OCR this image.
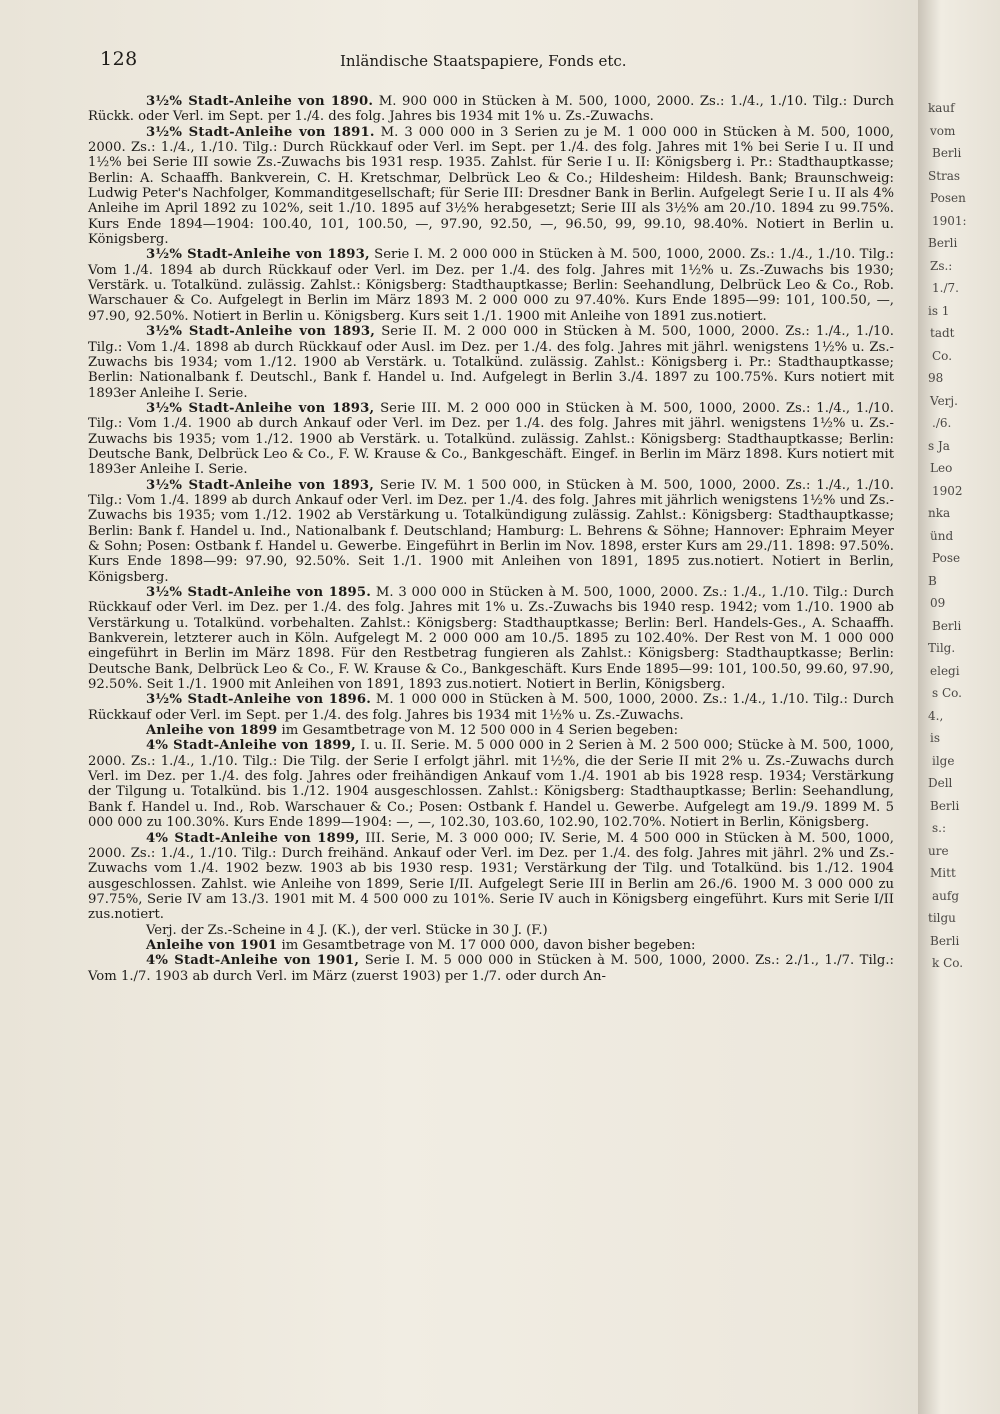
128	Inländische Staatspapiere, Fonds etc.

3½% Stadt-Anleihe von 1890. M. 900 000 in Stücken à M. 500, 1000, 2000. Zs.: 1./4., 1./10. Tilg.: Durch Rückk. oder Verl. im Sept. per 1./4. des folg. Jahres bis 1934 mit 1% u. Zs.-Zuwachs.

3½% Stadt-Anleihe von 1891. M. 3 000 000 in 3 Serien zu je M. 1 000 000 in Stücken à M. 500, 1000, 2000. Zs.: 1./4., 1./10. Tilg.: Durch Rückkauf oder Verl. im Sept. per 1./4. des folg. Jahres mit 1% bei Serie I u. II und 1½% bei Serie III sowie Zs.-Zuwachs bis 1931 resp. 1935. Zahlst. für Serie I u. II: Königsberg i. Pr.: Stadthauptkasse; Berlin: A. Schaaffh. Bankverein, C. H. Kretschmar, Delbrück Leo & Co.; Hildesheim: Hildesh. Bank; Braunschweig: Ludwig Peter's Nachfolger, Kommanditgesellschaft; für Serie III: Dresdner Bank in Berlin. Aufgelegt Serie I u. II als 4% Anleihe im April 1892 zu 102%, seit 1./10. 1895 auf 3½% herabgesetzt; Serie III als 3½% am 20./10. 1894 zu 99.75%. Kurs Ende 1894—1904: 100.40, 101, 100.50, —, 97.90, 92.50, —, 96.50, 99, 99.10, 98.40%. Notiert in Berlin u. Königsberg.

3½% Stadt-Anleihe von 1893, Serie I. M. 2 000 000 in Stücken à M. 500, 1000, 2000. Zs.: 1./4., 1./10. Tilg.: Vom 1./4. 1894 ab durch Rückkauf oder Verl. im Dez. per 1./4. des folg. Jahres mit 1½% u. Zs.-Zuwachs bis 1930; Verstärk. u. Totalkünd. zulässig. Zahlst.: Königsberg: Stadthauptkasse; Berlin: Seehandlung, Delbrück Leo & Co., Rob. Warschauer & Co. Aufgelegt in Berlin im März 1893 M. 2 000 000 zu 97.40%. Kurs Ende 1895—99: 101, 100.50, —, 97.90, 92.50%. Notiert in Berlin u. Königsberg. Kurs seit 1./1. 1900 mit Anleihe von 1891 zus.notiert.

3½% Stadt-Anleihe von 1893, Serie II. M. 2 000 000 in Stücken à M. 500, 1000, 2000. Zs.: 1./4., 1./10. Tilg.: Vom 1./4. 1898 ab durch Rückkauf oder Ausl. im Dez. per 1./4. des folg. Jahres mit jährl. wenigstens 1½% u. Zs.-Zuwachs bis 1934; vom 1./12. 1900 ab Verstärk. u. Totalkünd. zulässig. Zahlst.: Königsberg i. Pr.: Stadthauptkasse; Berlin: Nationalbank f. Deutschl., Bank f. Handel u. Ind. Aufgelegt in Berlin 3./4. 1897 zu 100.75%. Kurs notiert mit 1893er Anleihe I. Serie.

3½% Stadt-Anleihe von 1893, Serie III. M. 2 000 000 in Stücken à M. 500, 1000, 2000. Zs.: 1./4., 1./10. Tilg.: Vom 1./4. 1900 ab durch Ankauf oder Verl. im Dez. per 1./4. des folg. Jahres mit jährl. wenigstens 1½% u. Zs.-Zuwachs bis 1935; vom 1./12. 1900 ab Verstärk. u. Totalkünd. zulässig. Zahlst.: Königsberg: Stadthauptkasse; Berlin: Deutsche Bank, Delbrück Leo & Co., F. W. Krause & Co., Bankgeschäft. Eingef. in Berlin im März 1898. Kurs notiert mit 1893er Anleihe I. Serie.

3½% Stadt-Anleihe von 1893, Serie IV. M. 1 500 000, in Stücken à M. 500, 1000, 2000. Zs.: 1./4., 1./10. Tilg.: Vom 1./4. 1899 ab durch Ankauf oder Verl. im Dez. per 1./4. des folg. Jahres mit jährlich wenigstens 1½% und Zs.-Zuwachs bis 1935; vom 1./12. 1902 ab Verstärkung u. Totalkündigung zulässig. Zahlst.: Königsberg: Stadthauptkasse; Berlin: Bank f. Handel u. Ind., Nationalbank f. Deutschland; Hamburg: L. Behrens & Söhne; Hannover: Ephraim Meyer & Sohn; Posen: Ostbank f. Handel u. Gewerbe. Eingeführt in Berlin im Nov. 1898, erster Kurs am 29./11. 1898: 97.50%. Kurs Ende 1898—99: 97.90, 92.50%. Seit 1./1. 1900 mit Anleihen von 1891, 1895 zus.notiert. Notiert in Berlin, Königsberg.

3½% Stadt-Anleihe von 1895. M. 3 000 000 in Stücken à M. 500, 1000, 2000. Zs.: 1./4., 1./10. Tilg.: Durch Rückkauf oder Verl. im Dez. per 1./4. des folg. Jahres mit 1% u. Zs.-Zuwachs bis 1940 resp. 1942; vom 1./10. 1900 ab Verstärkung u. Totalkünd. vorbehalten. Zahlst.: Königsberg: Stadthauptkasse; Berlin: Berl. Handels-Ges., A. Schaaffh. Bankverein, letzterer auch in Köln. Aufgelegt M. 2 000 000 am 10./5. 1895 zu 102.40%. Der Rest von M. 1 000 000 eingeführt in Berlin im März 1898. Für den Restbetrag fungieren als Zahlst.: Königsberg: Stadthauptkasse; Berlin: Deutsche Bank, Delbrück Leo & Co., F. W. Krause & Co., Bankgeschäft. Kurs Ende 1895—99: 101, 100.50, 99.60, 97.90, 92.50%. Seit 1./1. 1900 mit Anleihen von 1891, 1893 zus.notiert. Notiert in Berlin, Königsberg.

3½% Stadt-Anleihe von 1896. M. 1 000 000 in Stücken à M. 500, 1000, 2000. Zs.: 1./4., 1./10. Tilg.: Durch Rückkauf oder Verl. im Sept. per 1./4. des folg. Jahres bis 1934 mit 1½% u. Zs.-Zuwachs.

Anleihe von 1899 im Gesamtbetrage von M. 12 500 000 in 4 Serien begeben:

4% Stadt-Anleihe von 1899, I. u. II. Serie. M. 5 000 000 in 2 Serien à M. 2 500 000; Stücke à M. 500, 1000, 2000. Zs.: 1./4., 1./10. Tilg.: Die Tilg. der Serie I erfolgt jährl. mit 1½%, die der Serie II mit 2% u. Zs.-Zuwachs durch Verl. im Dez. per 1./4. des folg. Jahres oder freihändigen Ankauf vom 1./4. 1901 ab bis 1928 resp. 1934; Verstärkung der Tilgung u. Totalkünd. bis 1./12. 1904 ausgeschlossen. Zahlst.: Königsberg: Stadthauptkasse; Berlin: Seehandlung, Bank f. Handel u. Ind., Rob. Warschauer & Co.; Posen: Ostbank f. Handel u. Gewerbe. Aufgelegt am 19./9. 1899 M. 5 000 000 zu 100.30%. Kurs Ende 1899—1904: —, —, 102.30, 103.60, 102.90, 102.70%. Notiert in Berlin, Königsberg.

4% Stadt-Anleihe von 1899, III. Serie, M. 3 000 000; IV. Serie, M. 4 500 000 in Stücken à M. 500, 1000, 2000. Zs.: 1./4., 1./10. Tilg.: Durch freihänd. Ankauf oder Verl. im Dez. per 1./4. des folg. Jahres mit jährl. 2% und Zs.-Zuwachs vom 1./4. 1902 bezw. 1903 ab bis 1930 resp. 1931; Verstärkung der Tilg. und Totalkünd. bis 1./12. 1904 ausgeschlossen. Zahlst. wie Anleihe von 1899, Serie I/II. Aufgelegt Serie III in Berlin am 26./6. 1900 M. 3 000 000 zu 97.75%, Serie IV am 13./3. 1901 mit M. 4 500 000 zu 101%. Serie IV auch in Königsberg eingeführt. Kurs mit Serie I/II zus.notiert.

Verj. der Zs.-Scheine in 4 J. (K.), der verl. Stücke in 30 J. (F.)

Anleihe von 1901 im Gesamtbetrage von M. 17 000 000, davon bisher begeben:

4% Stadt-Anleihe von 1901, Serie I. M. 5 000 000 in Stücken à M. 500, 1000, 2000. Zs.: 2./1., 1./7. Tilg.: Vom 1./7. 1903 ab durch Verl. im März (zuerst 1903) per 1./7. oder durch An-

kauf
vom
Berli
Stras
Posen
1901:
Berli
Zs.:
1./7.
is 1
tadt
Co.
98
Verj.
./6.
s Ja
Leo
1902
nka
ünd
Pose
B
09
Berli
Tilg.
elegi
s Co.
4.,
is
ilge
Dell
Berli
s.:
ure
Mitt
aufg
tilgu
Berli
k Co.
